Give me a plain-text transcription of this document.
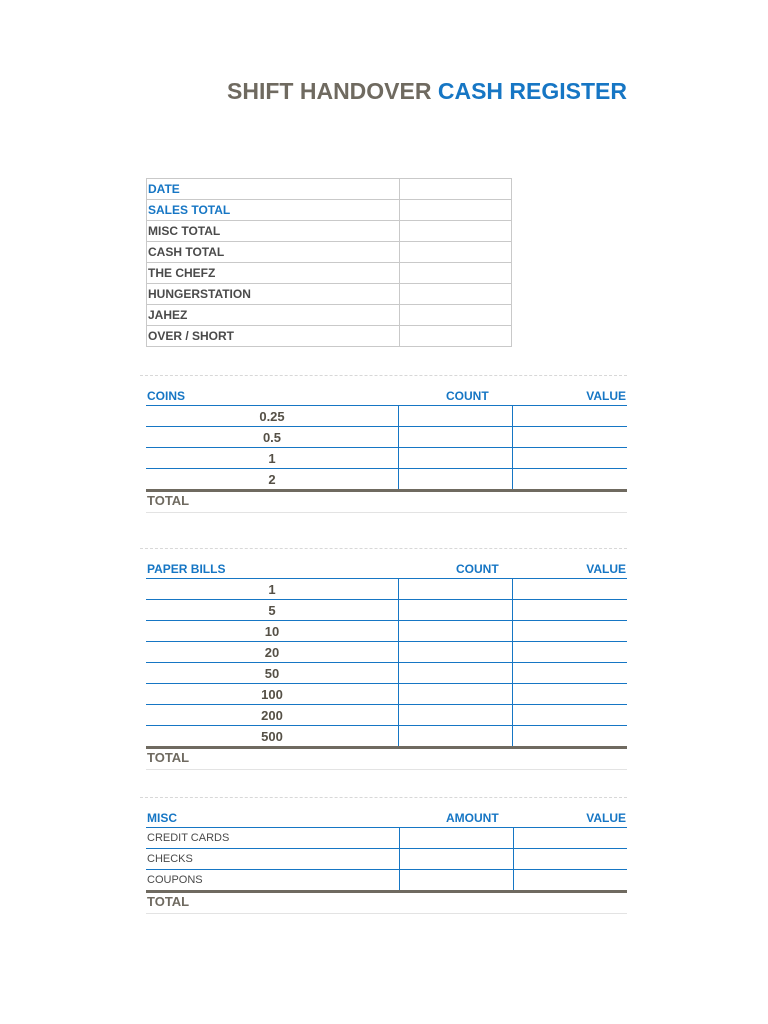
SHIFT HANDOVER CASH REGISTER
DATE	
SALES TOTAL	
MISC TOTAL	
CASH TOTAL	
THE CHEFZ	
HUNGERSTATION	
JAHEZ	
OVER / SHORT	
COINS	COUNT	VALUE
0.25		
0.5		
1		
2		
TOTAL
PAPER BILLS	COUNT	VALUE
1		
5		
10		
20		
50		
100		
200		
500		
TOTAL
MISC	AMOUNT	VALUE
CREDIT CARDS		
CHECKS		
COUPONS		
TOTAL
